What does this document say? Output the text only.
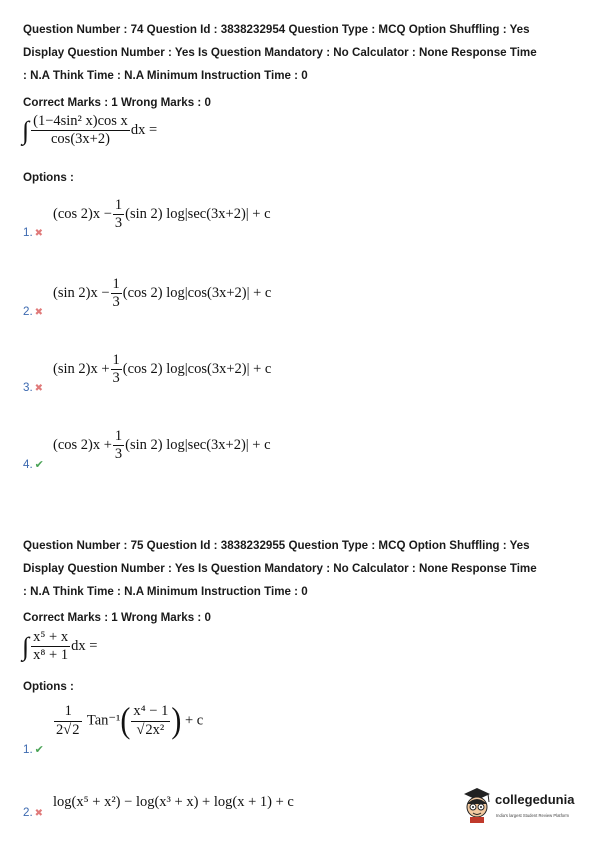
Question Number : 74 Question Id : 3838232954 Question Type : MCQ Option Shuffling : Yes
Display Question Number : Yes Is Question Mandatory : No Calculator : None Response Time
: N.A Think Time : N.A Minimum Instruction Time : 0
Correct Marks : 1 Wrong Marks : 0
∫ $\frac{\text{(1−4sin² x)cos x}}{\cos(3x+2)}$ dx =
Options :
1. ✖
(cos $2)x - \frac{1}{3} (\sin$ 2) log|sec(3x+2)| + c
2. ✖
(sin $2)x - \frac{1}{3} (\cos$ 2) log|cos(3x+2)| + c
3. ✖
(sin $2)x + \frac{1}{3} (\cos$ 2) log|cos(3x+2)| + c
4. ✔
(cos $2)x + \frac{1}{3} (\sin$ 2) log|sec(3x+2)| + c
Question Number : 75 Question Id : 3838232955 Question Type : MCQ Option Shuffling : Yes
Display Question Number : Yes Is Question Mandatory : No Calculator : None Response Time
: N.A Think Time : N.A Minimum Instruction Time : 0
Correct Marks : 1 Wrong Marks : 0
∫ $\frac{\text{x⁵ + x}}{\text{x⁸ + 1}}$ dx =
Options :
1. ✔
$\frac{1}{2√2} Tan^{-1}( \frac{\text{x⁴ − 1}}{\text{√2x²}}$ ) + c
2. ✖
log(x⁵ + x²) − log(x³ + x) + log(x + 1) + c	collegedunia
India's largest Student Review Platform
